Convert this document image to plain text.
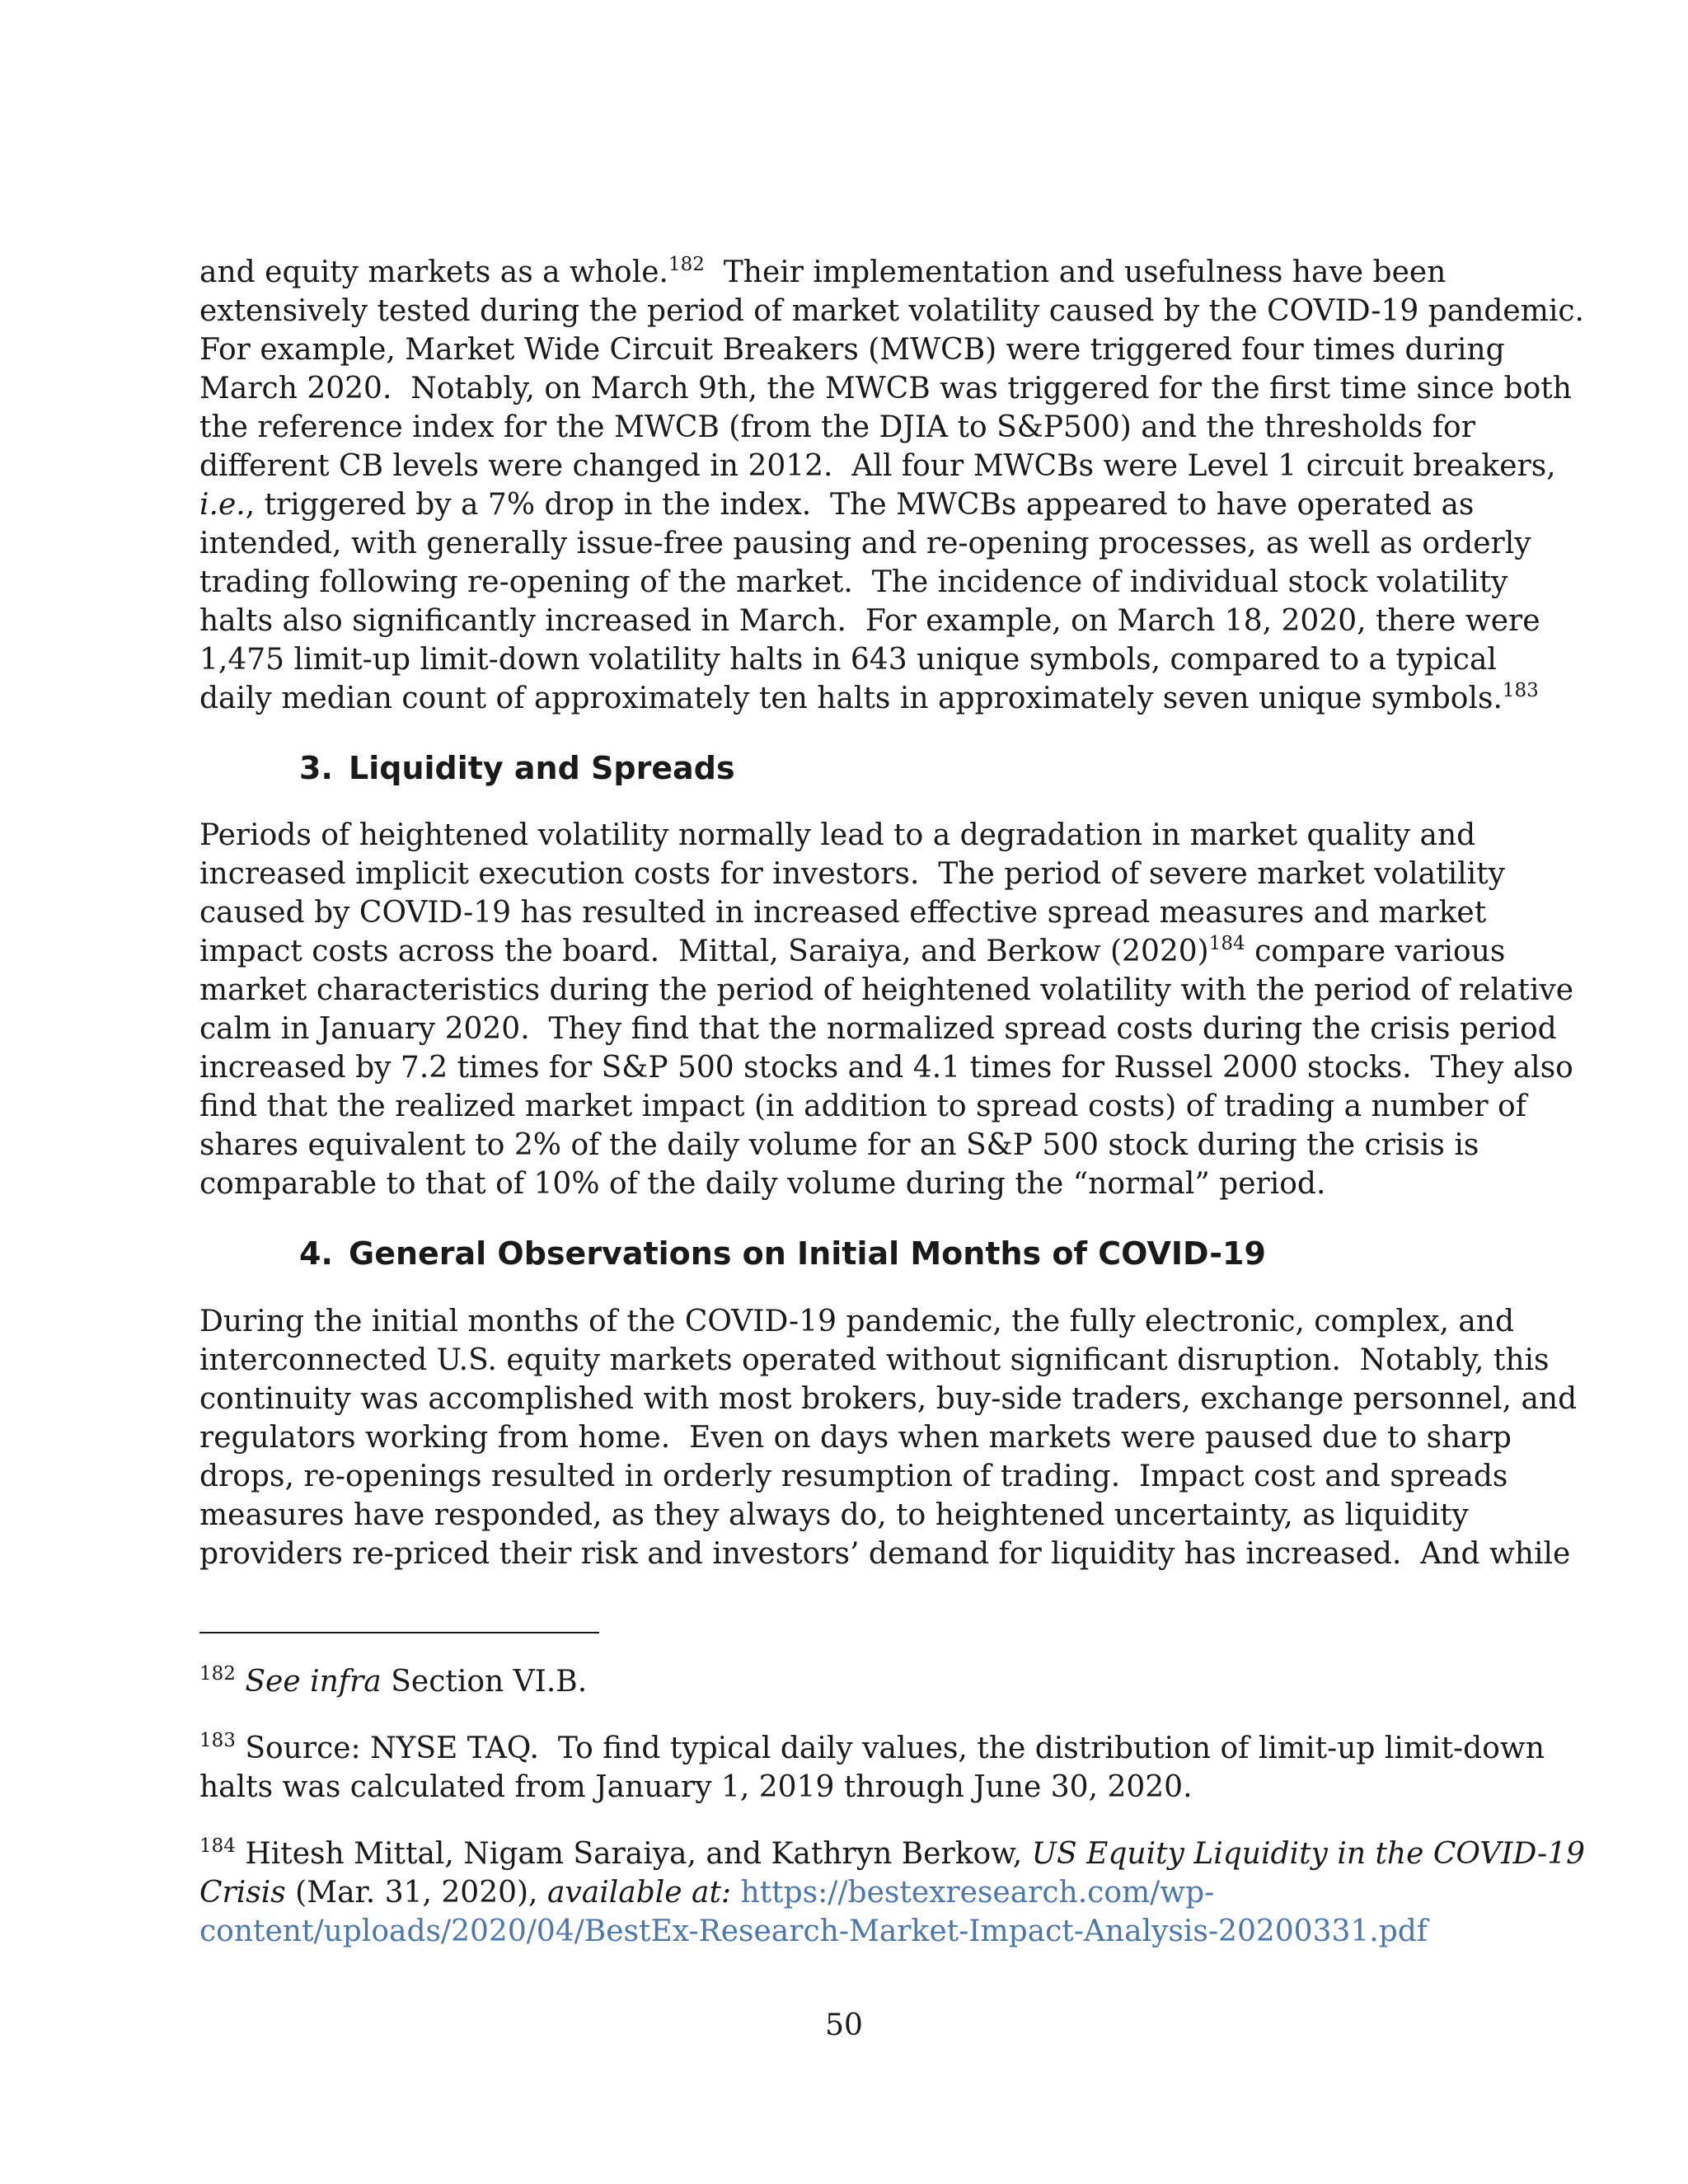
and equity markets as a whole.$^{182}$  Their implementation and usefulness have been
extensively tested during the period of market volatility caused by the COVID-19 pandemic.
For example, Market Wide Circuit Breakers (MWCB) were triggered four times during
March 2020.  Notably, on March 9th, the MWCB was triggered for the first time since both
the reference index for the MWCB (from the DJIA to S&P500) and the thresholds for
different CB levels were changed in 2012.  All four MWCBs were Level 1 circuit breakers,
i.e., triggered by a 7% drop in the index.  The MWCBs appeared to have operated as
intended, with generally issue-free pausing and re-opening processes, as well as orderly
trading following re-opening of the market.  The incidence of individual stock volatility
halts also significantly increased in March.  For example, on March 18, 2020, there were
1,475 limit-up limit-down volatility halts in 643 unique symbols, compared to a typical
daily median count of approximately ten halts in approximately seven unique symbols.$^{183}$

3. Liquidity and Spreads

Periods of heightened volatility normally lead to a degradation in market quality and
increased implicit execution costs for investors.  The period of severe market volatility
caused by COVID-19 has resulted in increased effective spread measures and market
impact costs across the board.  Mittal, Saraiya, and Berkow $(2020)^{184}$ compare various
market characteristics during the period of heightened volatility with the period of relative
calm in January 2020.  They find that the normalized spread costs during the crisis period
increased by 7.2 times for S&P 500 stocks and 4.1 times for Russel 2000 stocks.  They also
find that the realized market impact (in addition to spread costs) of trading a number of
shares equivalent to 2% of the daily volume for an S&P 500 stock during the crisis is
comparable to that of 10% of the daily volume during the “normal” period.

4. General Observations on Initial Months of COVID-19

During the initial months of the COVID-19 pandemic, the fully electronic, complex, and
interconnected U.S. equity markets operated without significant disruption.  Notably, this
continuity was accomplished with most brokers, buy-side traders, exchange personnel, and
regulators working from home.  Even on days when markets were paused due to sharp
drops, re-openings resulted in orderly resumption of trading.  Impact cost and spreads
measures have responded, as they always do, to heightened uncertainty, as liquidity
providers re-priced their risk and investors’ demand for liquidity has increased.  And while

$^{182}$ See infra Section VI.B.

$^{183}$ Source: NYSE TAQ.  To find typical daily values, the distribution of limit-up limit-down
halts was calculated from January 1, 2019 through June 30, 2020.

$^{184}$ Hitesh Mittal, Nigam Saraiya, and Kathryn Berkow, US Equity Liquidity in the COVID-19
Crisis (Mar. 31, 2020), available at: https://bestexresearch.com/wp-
content/uploads/2020/04/BestEx-Research-Market-Impact-Analysis-20200331.pdf

50
